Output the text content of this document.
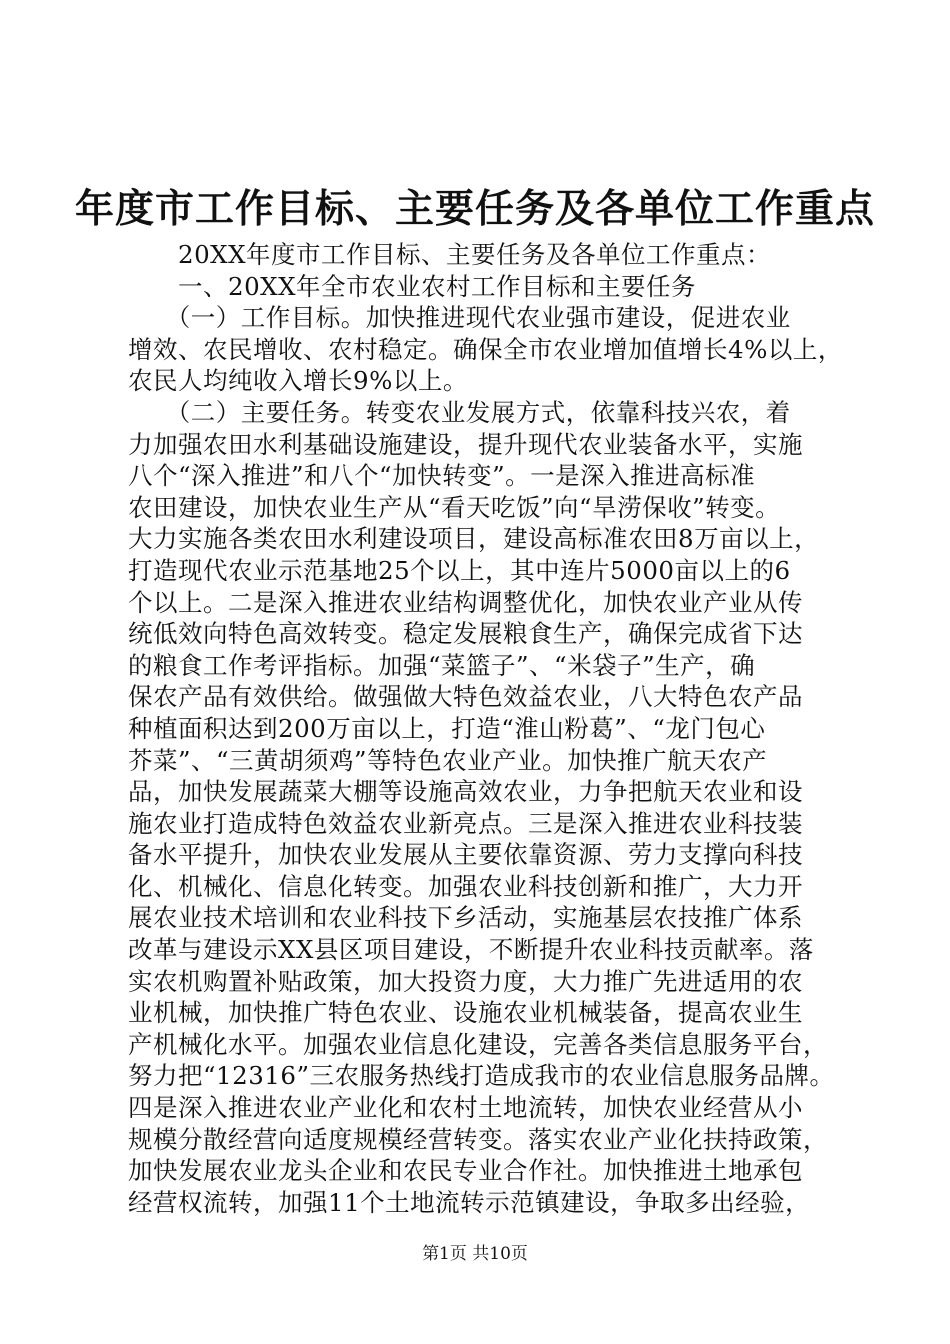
年度市工作目标、主要任务及各单位工作重点
　　20XX年度市工作目标、主要任务及各单位工作重点：
　　一、20XX年全市农业农村工作目标和主要任务
　　（一）工作目标。加快推进现代农业强市建设，促进农业
增效、农民增收、农村稳定。确保全市农业增加值增长4%以上，
农民人均纯收入增长9%以上。
　　（二）主要任务。转变农业发展方式，依靠科技兴农，着
力加强农田水利基础设施建设，提升现代农业装备水平，实施
八个“深入推进”和八个“加快转变”。一是深入推进高标准
农田建设，加快农业生产从“看天吃饭”向“旱涝保收”转变。
大力实施各类农田水利建设项目，建设高标准农田8万亩以上，
打造现代农业示范基地25个以上，其中连片5000亩以上的6
个以上。二是深入推进农业结构调整优化，加快农业产业从传
统低效向特色高效转变。稳定发展粮食生产，确保完成省下达
的粮食工作考评指标。加强“菜篮子”、“米袋子”生产，确
保农产品有效供给。做强做大特色效益农业，八大特色农产品
种植面积达到200万亩以上，打造“淮山粉葛”、“龙门包心
芥菜”、“三黄胡须鸡”等特色农业产业。加快推广航天农产
品，加快发展蔬菜大棚等设施高效农业，力争把航天农业和设
施农业打造成特色效益农业新亮点。三是深入推进农业科技装
备水平提升，加快农业发展从主要依靠资源、劳力支撑向科技
化、机械化、信息化转变。加强农业科技创新和推广，大力开
展农业技术培训和农业科技下乡活动，实施基层农技推广体系
改革与建设示XX县区项目建设，不断提升农业科技贡献率。落
实农机购置补贴政策，加大投资力度，大力推广先进适用的农
业机械，加快推广特色农业、设施农业机械装备，提高农业生
产机械化水平。加强农业信息化建设，完善各类信息服务平台，
努力把“12316”三农服务热线打造成我市的农业信息服务品牌。
四是深入推进农业产业化和农村土地流转，加快农业经营从小
规模分散经营向适度规模经营转变。落实农业产业化扶持政策，
加快发展农业龙头企业和农民专业合作社。加快推进土地承包
经营权流转，加强11个土地流转示范镇建设，争取多出经验，
第1页 共10页
